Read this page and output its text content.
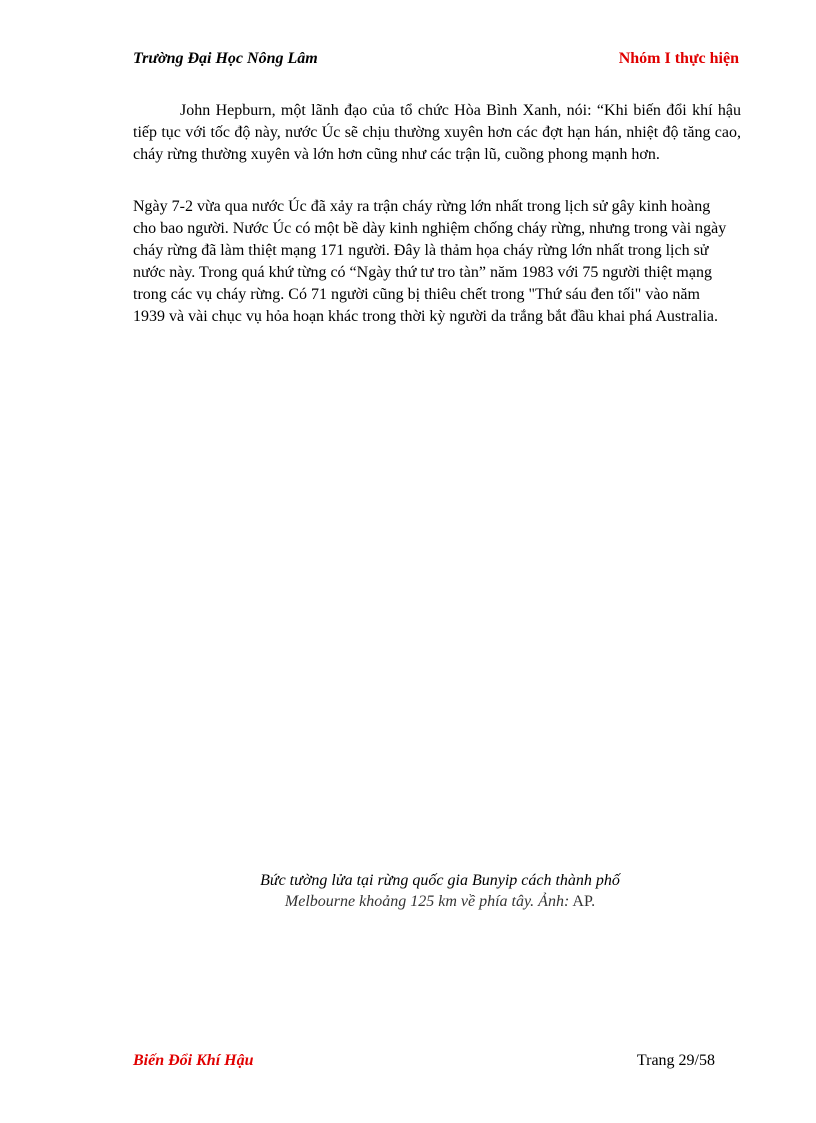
Trường Đại Học Nông Lâm	Nhóm I thực hiện

John Hepburn, một lãnh đạo của tổ chức Hòa Bình Xanh, nói: “Khi biến đổi khí hậu tiếp tục với tốc độ này, nước Úc sẽ chịu thường xuyên hơn các đợt hạn hán, nhiệt độ tăng cao, cháy rừng thường xuyên và lớn hơn cũng như các trận lũ, cuồng phong mạnh hơn.

Ngày 7-2 vừa qua nước Úc đã xảy ra trận cháy rừng lớn nhất trong lịch sử gây kinh hoàng cho bao người. Nước Úc có một bề dày kinh nghiệm chống cháy rừng, nhưng trong vài ngày cháy rừng đã làm thiệt mạng 171 người. Đây là thảm họa cháy rừng lớn nhất trong lịch sử nước này. Trong quá khứ từng có “Ngày thứ tư tro tàn” năm 1983 với 75 người thiệt mạng trong các vụ cháy rừng. Có 71 người cũng bị thiêu chết trong "Thứ sáu đen tối" vào năm 1939 và vài chục vụ hỏa hoạn khác trong thời kỳ người da trắng bắt đầu khai phá Australia.

Bức tường lửa tại rừng quốc gia Bunyip cách thành phố
Melbourne khoảng 125 km về phía tây. Ảnh: AP.
Biến Đổi Khí Hậu	Trang 29/58
